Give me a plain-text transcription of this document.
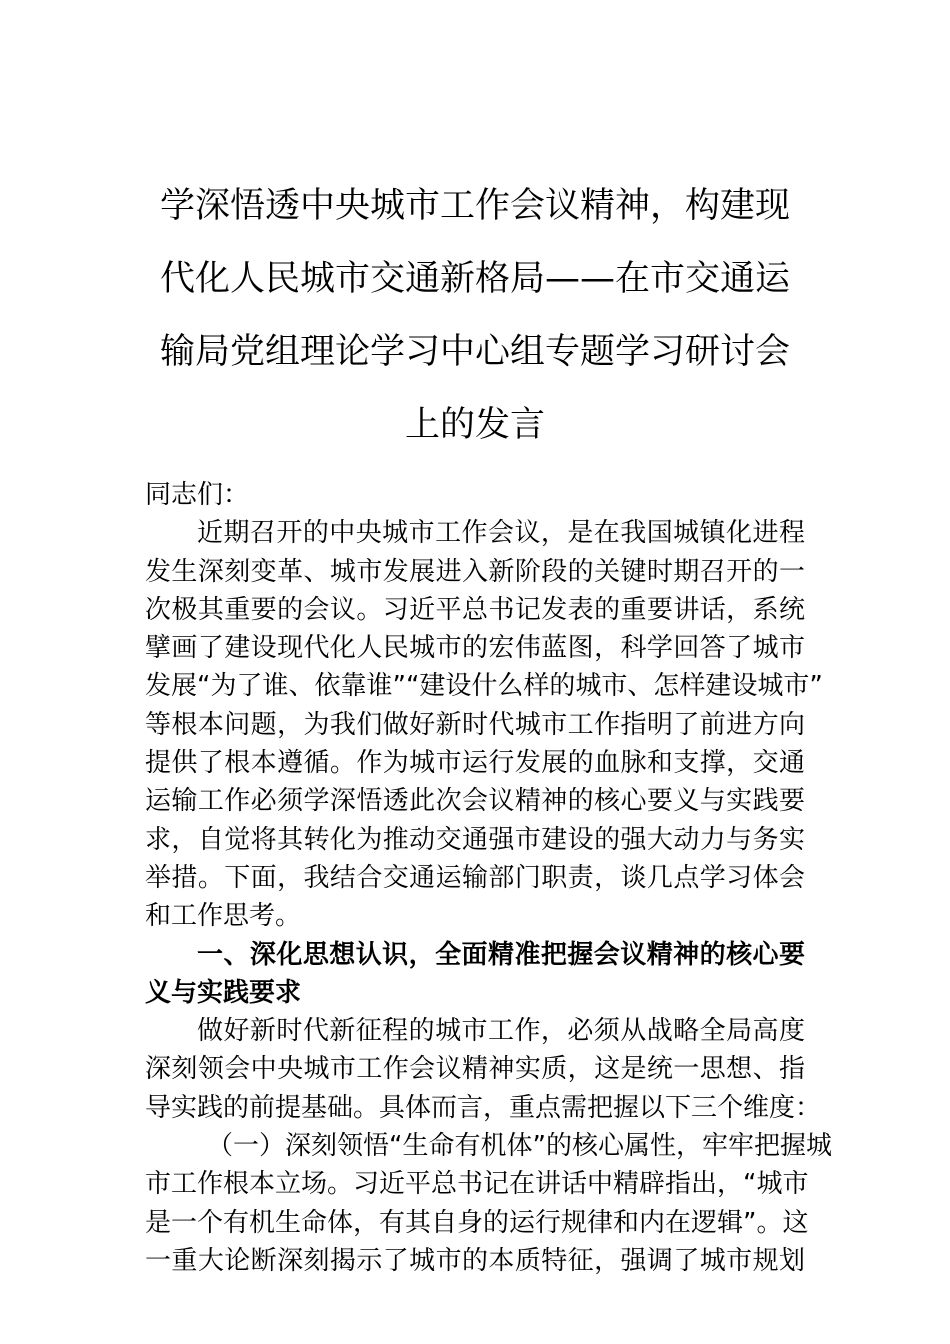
学深悟透中央城市工作会议精神，构建现
代化人民城市交通新格局——在市交通运
输局党组理论学习中心组专题学习研讨会
上的发言
同志们：
近期召开的中央城市工作会议，是在我国城镇化进程
发生深刻变革、城市发展进入新阶段的关键时期召开的一
次极其重要的会议。习近平总书记发表的重要讲话，系统
擘画了建设现代化人民城市的宏伟蓝图，科学回答了城市
发展“为了谁、依靠谁”“建设什么样的城市、怎样建设城市”
等根本问题，为我们做好新时代城市工作指明了前进方向
提供了根本遵循。作为城市运行发展的血脉和支撑，交通
运输工作必须学深悟透此次会议精神的核心要义与实践要
求，自觉将其转化为推动交通强市建设的强大动力与务实
举措。下面，我结合交通运输部门职责，谈几点学习体会
和工作思考。
一、深化思想认识，全面精准把握会议精神的核心要
义与实践要求
做好新时代新征程的城市工作，必须从战略全局高度
深刻领会中央城市工作会议精神实质，这是统一思想、指
导实践的前提基础。具体而言，重点需把握以下三个维度：
（一）深刻领悟“生命有机体”的核心属性，牢牢把握城
市工作根本立场。习近平总书记在讲话中精辟指出，“城市
是一个有机生命体，有其自身的运行规律和内在逻辑”。这
一重大论断深刻揭示了城市的本质特征，强调了城市规划
